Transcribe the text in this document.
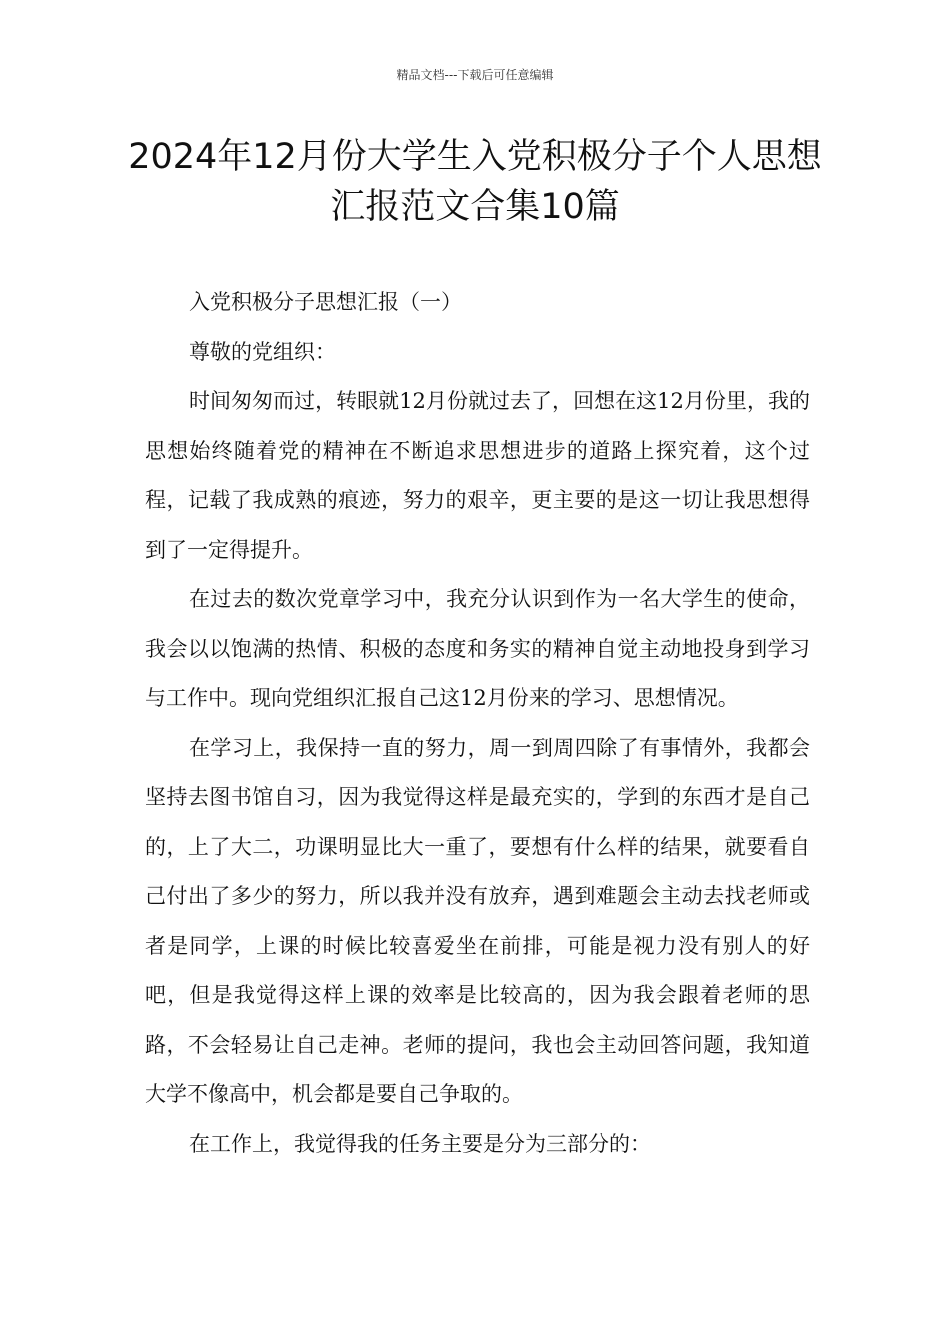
精品文档---下载后可任意编辑
2024年12月份大学生入党积极分子个人思想汇报范文合集10篇

入党积极分子思想汇报（一）

尊敬的党组织：

时间匆匆而过，转眼就12月份就过去了，回想在这12月份里，我的思想始终随着党的精神在不断追求思想进步的道路上探究着，这个过程，记载了我成熟的痕迹，努力的艰辛，更主要的是这一切让我思想得到了一定得提升。

在过去的数次党章学习中，我充分认识到作为一名大学生的使命，我会以以饱满的热情、积极的态度和务实的精神自觉主动地投身到学习与工作中。现向党组织汇报自己这12月份来的学习、思想情况。

在学习上，我保持一直的努力，周一到周四除了有事情外，我都会坚持去图书馆自习，因为我觉得这样是最充实的，学到的东西才是自己的，上了大二，功课明显比大一重了，要想有什么样的结果，就要看自己付出了多少的努力，所以我并没有放弃，遇到难题会主动去找老师或者是同学，上课的时候比较喜爱坐在前排，可能是视力没有别人的好吧，但是我觉得这样上课的效率是比较高的，因为我会跟着老师的思路，不会轻易让自己走神。老师的提问，我也会主动回答问题，我知道大学不像高中，机会都是要自己争取的。

在工作上，我觉得我的任务主要是分为三部分的：
